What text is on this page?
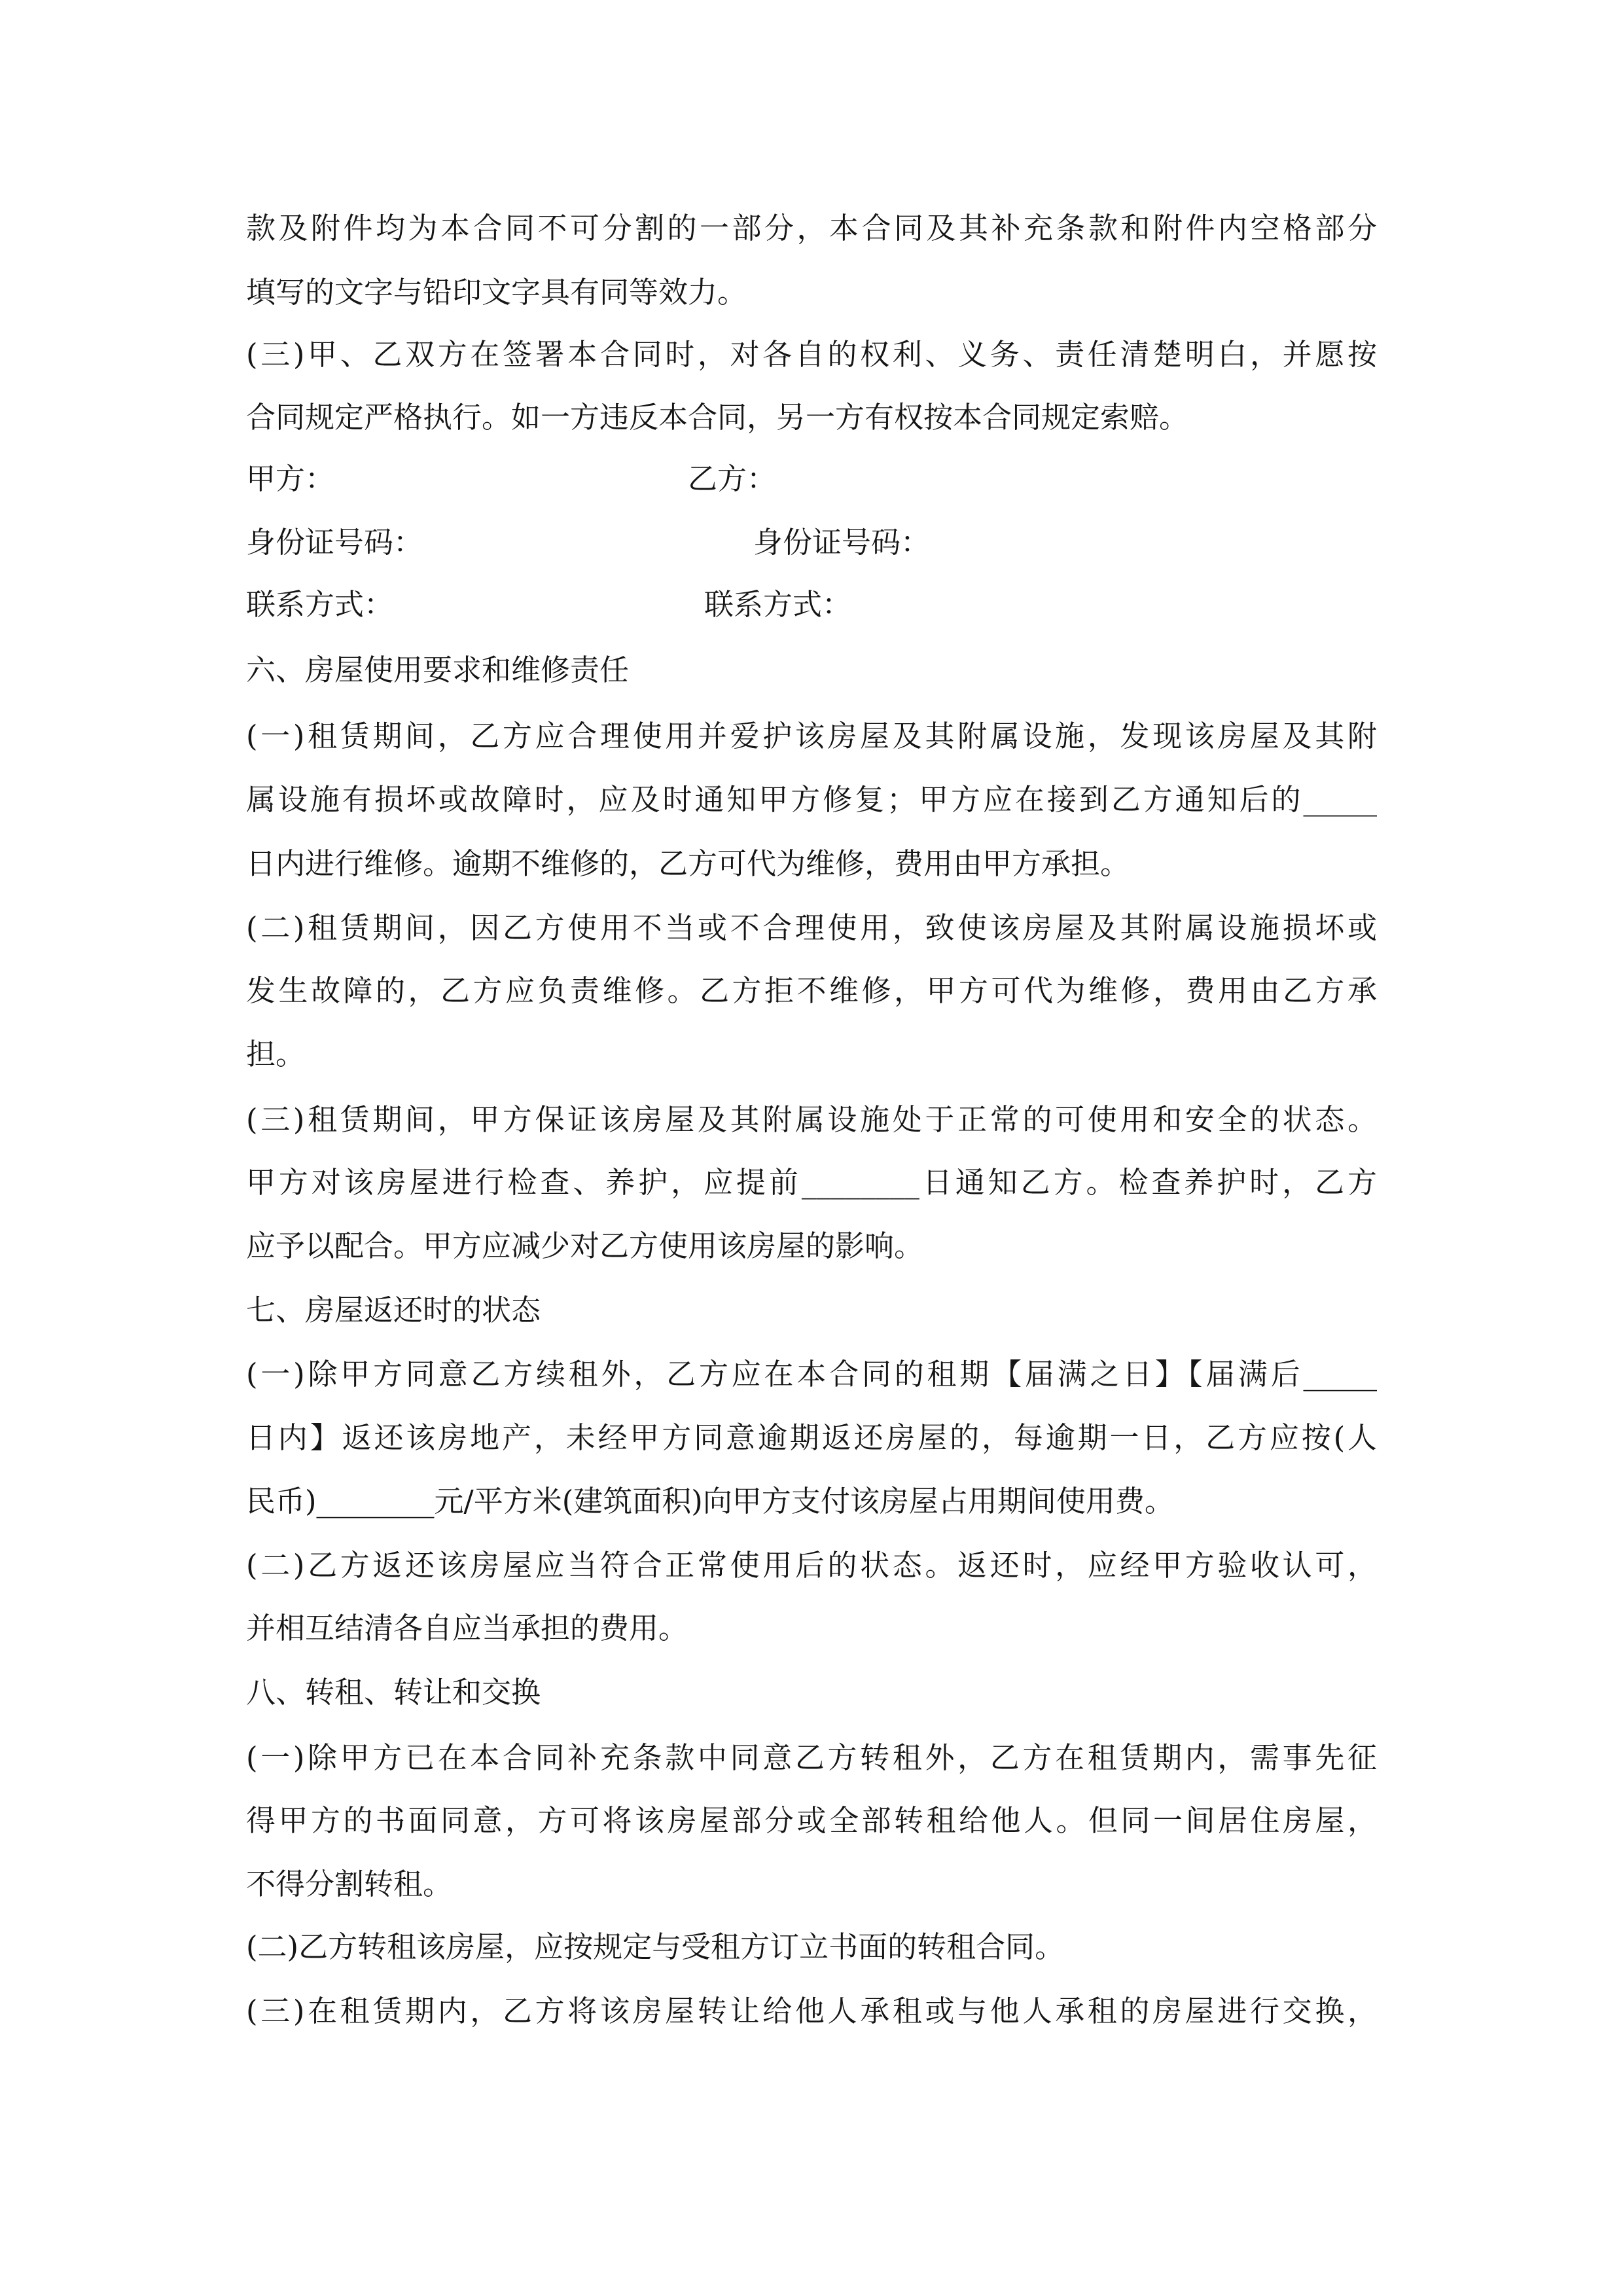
款及附件均为本合同不可分割的一部分，本合同及其补充条款和附件内空格部分
填写的文字与铅印文字具有同等效力。
(三)甲、乙双方在签署本合同时，对各自的权利、义务、责任清楚明白，并愿按
合同规定严格执行。如一方违反本合同，另一方有权按本合同规定索赔。
甲方：	乙方：
身份证号码：	身份证号码：
联系方式：	联系方式：
六、房屋使用要求和维修责任
(一)租赁期间，乙方应合理使用并爱护该房屋及其附属设施，发现该房屋及其附
属设施有损坏或故障时，应及时通知甲方修复；甲方应在接到乙方通知后的_____
日内进行维修。逾期不维修的，乙方可代为维修，费用由甲方承担。
(二)租赁期间，因乙方使用不当或不合理使用，致使该房屋及其附属设施损坏或
发生故障的，乙方应负责维修。乙方拒不维修，甲方可代为维修，费用由乙方承
担。
(三)租赁期间，甲方保证该房屋及其附属设施处于正常的可使用和安全的状态。
甲方对该房屋进行检查、养护，应提前________日通知乙方。检查养护时，乙方
应予以配合。甲方应减少对乙方使用该房屋的影响。
七、房屋返还时的状态
(一)除甲方同意乙方续租外，乙方应在本合同的租期【届满之日】【届满后_____
日内】返还该房地产，未经甲方同意逾期返还房屋的，每逾期一日，乙方应按(人
民币)________元/平方米(建筑面积)向甲方支付该房屋占用期间使用费。
(二)乙方返还该房屋应当符合正常使用后的状态。返还时，应经甲方验收认可，
并相互结清各自应当承担的费用。
八、转租、转让和交换
(一)除甲方已在本合同补充条款中同意乙方转租外，乙方在租赁期内，需事先征
得甲方的书面同意，方可将该房屋部分或全部转租给他人。但同一间居住房屋，
不得分割转租。
(二)乙方转租该房屋，应按规定与受租方订立书面的转租合同。
(三)在租赁期内，乙方将该房屋转让给他人承租或与他人承租的房屋进行交换，
